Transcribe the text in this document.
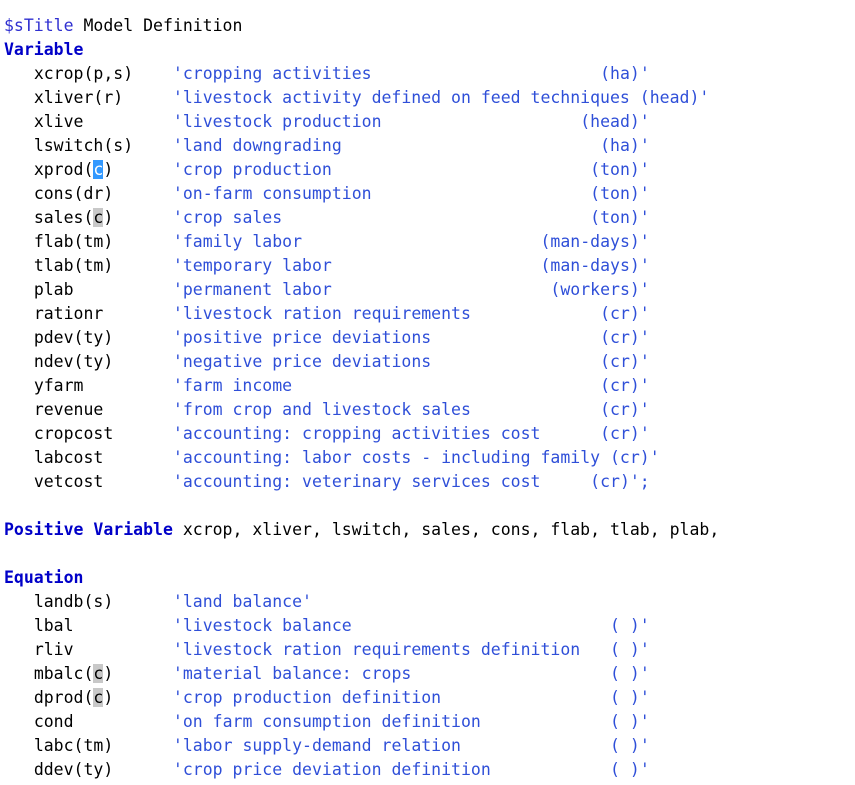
$sTitle Model Definition
Variable
xcrop(p,s) 'cropping activities	(ha)'
xliver(r)	'livestock activity defined on feed techniques (head)'
xlive	'livestock production	(head)'
lswitch(s) 'land downgrading	(ha)'
xprod(c)	'crop production	(ton)'
cons(dr)	'on-farm consumption	(ton)'
sales(c)	'crop sales	(ton)'
flab(tm)	'family labor	(man-days)'
tlab(tm)	'temporary labor	(man-days)'
plab	'permanent labor	(workers)'
rationr	'livestock ration requirements	(cr)'
pdev(ty)	'positive price deviations	(cr)'
ndev(ty)	'negative price deviations	(cr)'
yfarm	'farm income	(cr)'
revenue	'from crop and livestock sales	(cr)'
cropcost	'accounting: cropping activities cost	(cr)'
labcost	'accounting: labor costs - including family (cr)'
vetcost	'accounting: veterinary services cost	(cr)';
Positive Variable xcrop, xliver, lswitch, sales, cons, flab, tlab, plab,
Equation
landb(s)	'land balance'
lbal	'livestock balance	( )'
rliv	'livestock ration requirements definition ( )'
mbalc(c)	'material balance: crops	( )'
dprod(c)	'crop production definition	( )'
cond	'on farm consumption definition	( )'
labc(tm)	'labor supply-demand relation	( )'
ddev(ty)	'crop price deviation definition	( )'
